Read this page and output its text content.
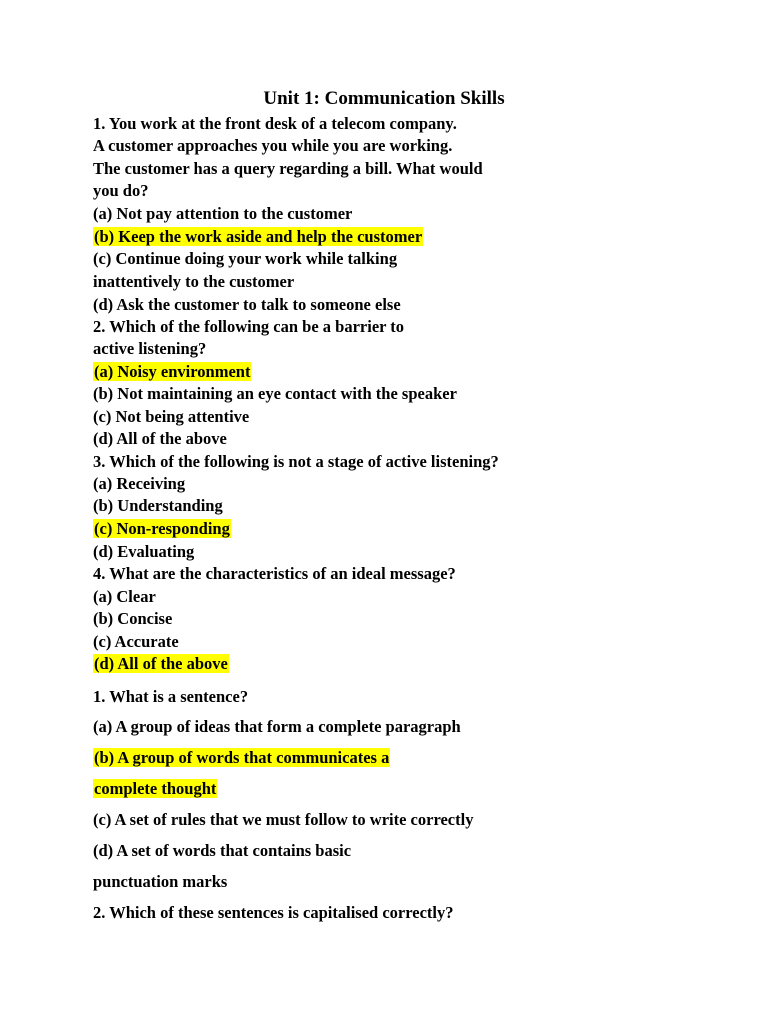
Unit 1: Communication Skills
1. You work at the front desk of a telecom company.
A customer approaches you while you are working.
The customer has a query regarding a bill. What would
you do?
(a) Not pay attention to the customer
(b) Keep the work aside and help the customer
(c) Continue doing your work while talking
inattentively to the customer
(d) Ask the customer to talk to someone else
2. Which of the following can be a barrier to
active listening?
(a) Noisy environment
(b) Not maintaining an eye contact with the speaker
(c) Not being attentive
(d) All of the above
3. Which of the following is not a stage of active listening?
(a) Receiving
(b) Understanding
(c) Non-responding
(d) Evaluating
4. What are the characteristics of an ideal message?
(a) Clear
(b) Concise
(c) Accurate
(d) All of the above
1. What is a sentence?
(a) A group of ideas that form a complete paragraph
(b) A group of words that communicates a
complete thought
(c) A set of rules that we must follow to write correctly
(d) A set of words that contains basic
punctuation marks
2. Which of these sentences is capitalised correctly?
